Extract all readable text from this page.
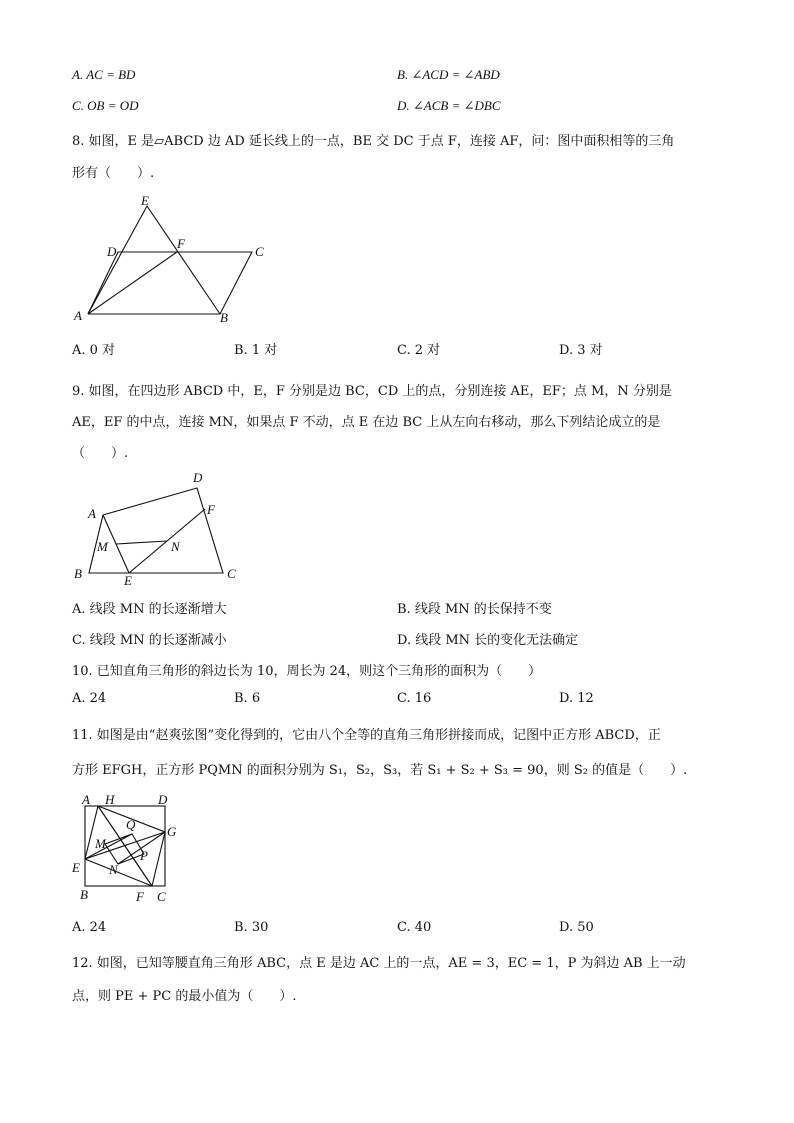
A. AC = BD	B. ∠ACD = ∠ABD
C. OB = OD	D. ∠ACB = ∠DBC
8. 如图，E 是▱ABCD 边 AD 延长线上的一点，BE 交 DC 于点 F，连接 AF，问：图中面积相等的三角
形有（　　）.
E
D
F
C
A	B
A. 0 对	B. 1 对	C. 2 对	D. 3 对
9. 如图，在四边形 ABCD 中，E，F 分别是边 BC，CD 上的点，分别连接 AE，EF；点 M，N 分别是
AE，EF 的中点，连接 MN，如果点 F 不动，点 E 在边 BC 上从左向右移动，那么下列结论成立的是
（　　）.
D
A	F
M	N
B	E	C
A. 线段 MN 的长逐渐增大	B. 线段 MN 的长保持不变
C. 线段 MN 的长逐渐减小	D. 线段 MN 长的变化无法确定
10. 已知直角三角形的斜边长为 10，周长为 24，则这个三角形的面积为（　　）
A. 24	B. 6	C. 16	D. 12
11. 如图是由“赵爽弦图”变化得到的，它由八个全等的直角三角形拼接而成，记图中正方形 ABCD，正
方形 EFGH，正方形 PQMN 的面积分别为 S₁，S₂，S₃，若 S₁ + S₂ + S₃ = 90，则 S₂ 的值是（　　）.
A H	D
Q G
M
P
E N
B	F C
A. 24	B. 30	C. 40	D. 50
12. 如图，已知等腰直角三角形 ABC，点 E 是边 AC 上的一点，AE = 3，EC = 1，P 为斜边 AB 上一动
点，则 PE + PC 的最小值为（　　）.
